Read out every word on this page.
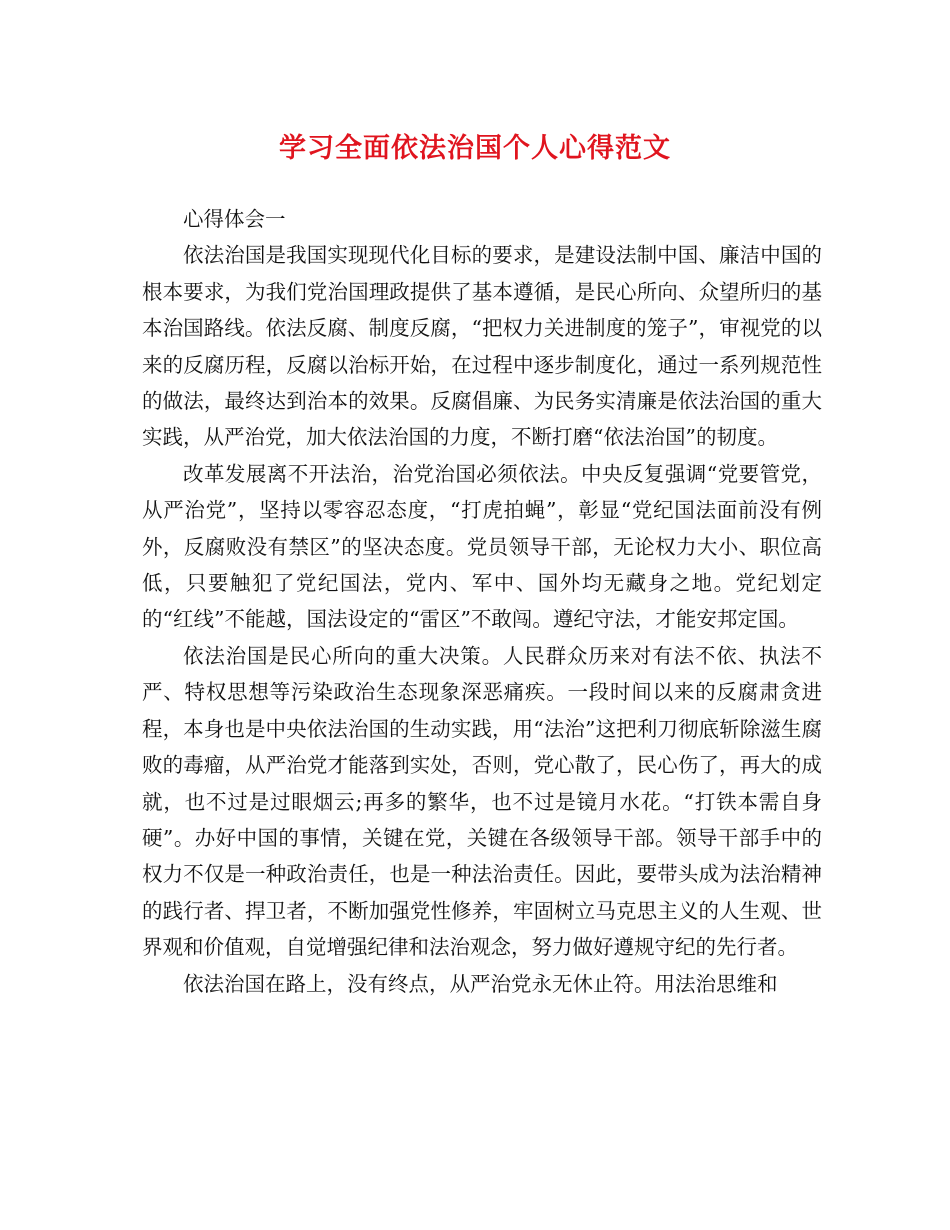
学习全面依法治国个人心得范文

心得体会一

依法治国是我国实现现代化目标的要求，是建设法制中国、廉洁中国的根本要求，为我们党治国理政提供了基本遵循，是民心所向、众望所归的基本治国路线。依法反腐、制度反腐，“把权力关进制度的笼子”，审视党的以来的反腐历程，反腐以治标开始，在过程中逐步制度化，通过一系列规范性的做法，最终达到治本的效果。反腐倡廉、为民务实清廉是依法治国的重大实践，从严治党，加大依法治国的力度，不断打磨“依法治国”的韧度。

改革发展离不开法治，治党治国必须依法。中央反复强调“党要管党，从严治党”，坚持以零容忍态度，“打虎拍蝇”，彰显“党纪国法面前没有例外，反腐败没有禁区”的坚决态度。党员领导干部，无论权力大小、职位高低，只要触犯了党纪国法，党内、军中、国外均无藏身之地。党纪划定的“红线”不能越，国法设定的“雷区”不敢闯。遵纪守法，才能安邦定国。

依法治国是民心所向的重大决策。人民群众历来对有法不依、执法不严、特权思想等污染政治生态现象深恶痛疾。一段时间以来的反腐肃贪进程，本身也是中央依法治国的生动实践，用“法治”这把利刀彻底斩除滋生腐败的毒瘤，从严治党才能落到实处，否则，党心散了，民心伤了，再大的成就，也不过是过眼烟云;再多的繁华，也不过是镜月水花。“打铁本需自身硬”。办好中国的事情，关键在党，关键在各级领导干部。领导干部手中的权力不仅是一种政治责任，也是一种法治责任。因此，要带头成为法治精神的践行者、捍卫者，不断加强党性修养，牢固树立马克思主义的人生观、世界观和价值观，自觉增强纪律和法治观念，努力做好遵规守纪的先行者。

依法治国在路上，没有终点，从严治党永无休止符。用法治思维和
